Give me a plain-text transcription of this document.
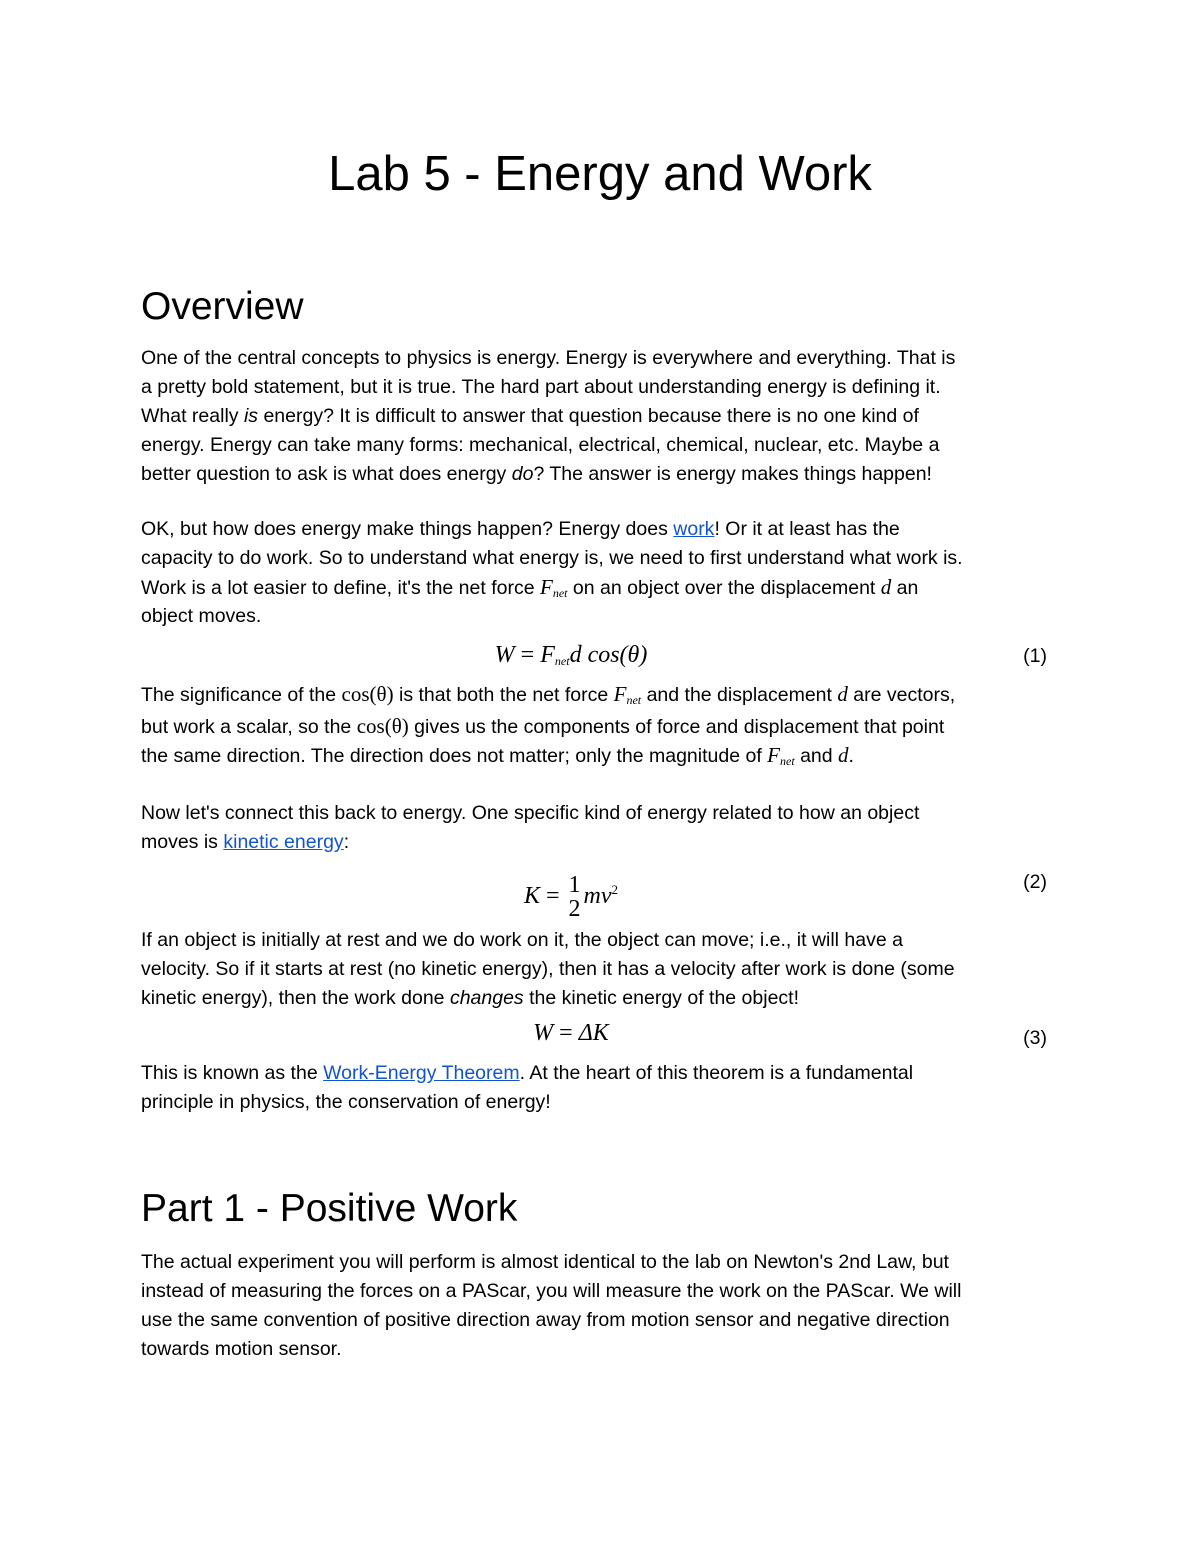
Lab 5 - Energy and Work
Overview
One of the central concepts to physics is energy. Energy is everywhere and everything. That is
a pretty bold statement, but it is true. The hard part about understanding energy is defining it.
What really is energy? It is difficult to answer that question because there is no one kind of
energy. Energy can take many forms: mechanical, electrical, chemical, nuclear, etc. Maybe a
better question to ask is what does energy do? The answer is energy makes things happen!
OK, but how does energy make things happen? Energy does work! Or it at least has the
capacity to do work. So to understand what energy is, we need to first understand what work is.
Work is a lot easier to define, it's the net force $F_{net}$ on an object over the displacement d an
object moves.
$W = F_{net}d$ cos(θ)	(1)
The significance of the cos(θ) is that both the net force $F_{net}$ and the displacement d are vectors,
but work a scalar, so the cos(θ) gives us the components of force and displacement that point
the same direction. The direction does not matter; only the magnitude of $F_{net}$ and d.
Now let's connect this back to energy. One specific kind of energy related to how an object
moves is kinetic energy:
K = 1
2
$mv^2$	(2)
If an object is initially at rest and we do work on it, the object can move; i.e., it will have a
velocity. So if it starts at rest (no kinetic energy), then it has a velocity after work is done (some
kinetic energy), then the work done changes the kinetic energy of the object!
W = ΔK	(3)
This is known as the Work-Energy Theorem. At the heart of this theorem is a fundamental
principle in physics, the conservation of energy!
Part 1 - Positive Work
The actual experiment you will perform is almost identical to the lab on Newton's 2nd Law, but
instead of measuring the forces on a PAScar, you will measure the work on the PAScar. We will
use the same convention of positive direction away from motion sensor and negative direction
towards motion sensor.
